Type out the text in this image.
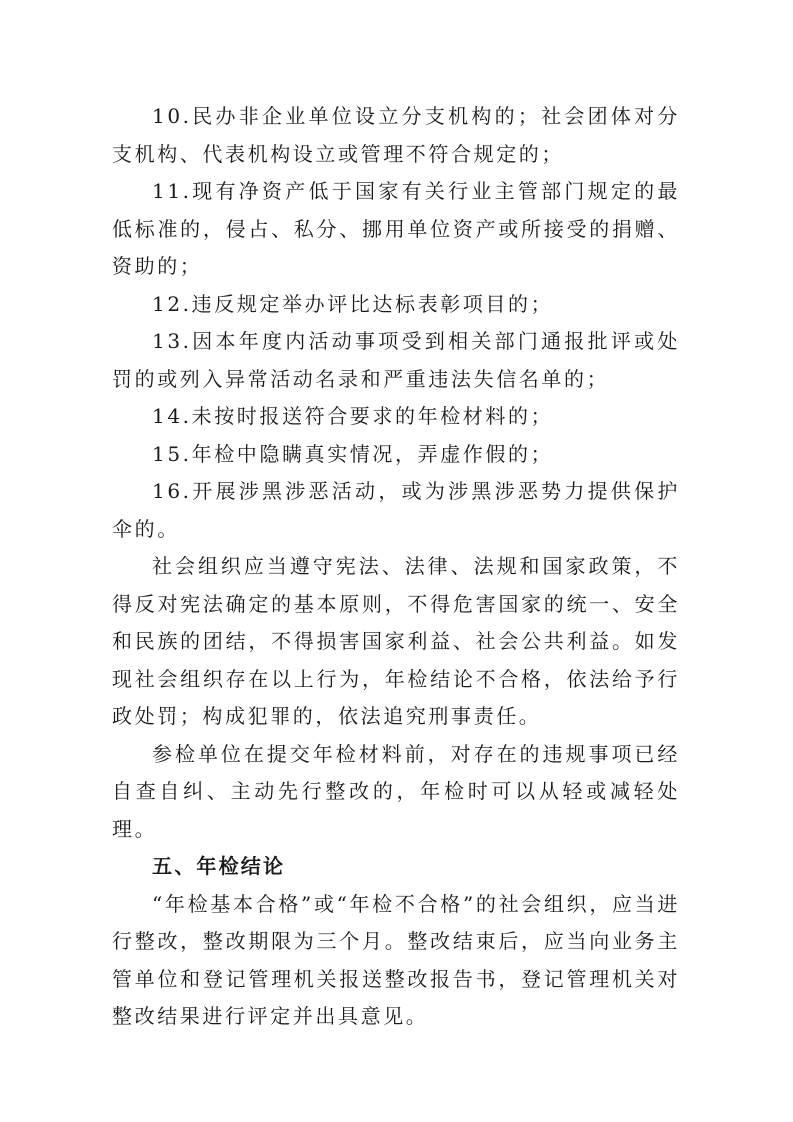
10.民办非企业单位设立分支机构的；社会团体对分支机构、代表机构设立或管理不符合规定的；

11.现有净资产低于国家有关行业主管部门规定的最低标准的，侵占、私分、挪用单位资产或所接受的捐赠、资助的；

12.违反规定举办评比达标表彰项目的；

13.因本年度内活动事项受到相关部门通报批评或处罚的或列入异常活动名录和严重违法失信名单的；

14.未按时报送符合要求的年检材料的；

15.年检中隐瞒真实情况，弄虚作假的；

16.开展涉黑涉恶活动，或为涉黑涉恶势力提供保护伞的。

社会组织应当遵守宪法、法律、法规和国家政策，不得反对宪法确定的基本原则，不得危害国家的统一、安全和民族的团结，不得损害国家利益、社会公共利益。如发现社会组织存在以上行为，年检结论不合格，依法给予行政处罚；构成犯罪的，依法追究刑事责任。

参检单位在提交年检材料前，对存在的违规事项已经自查自纠、主动先行整改的，年检时可以从轻或减轻处理。

五、年检结论

“年检基本合格”或“年检不合格”的社会组织，应当进行整改，整改期限为三个月。整改结束后，应当向业务主管单位和登记管理机关报送整改报告书，登记管理机关对整改结果进行评定并出具意见。
